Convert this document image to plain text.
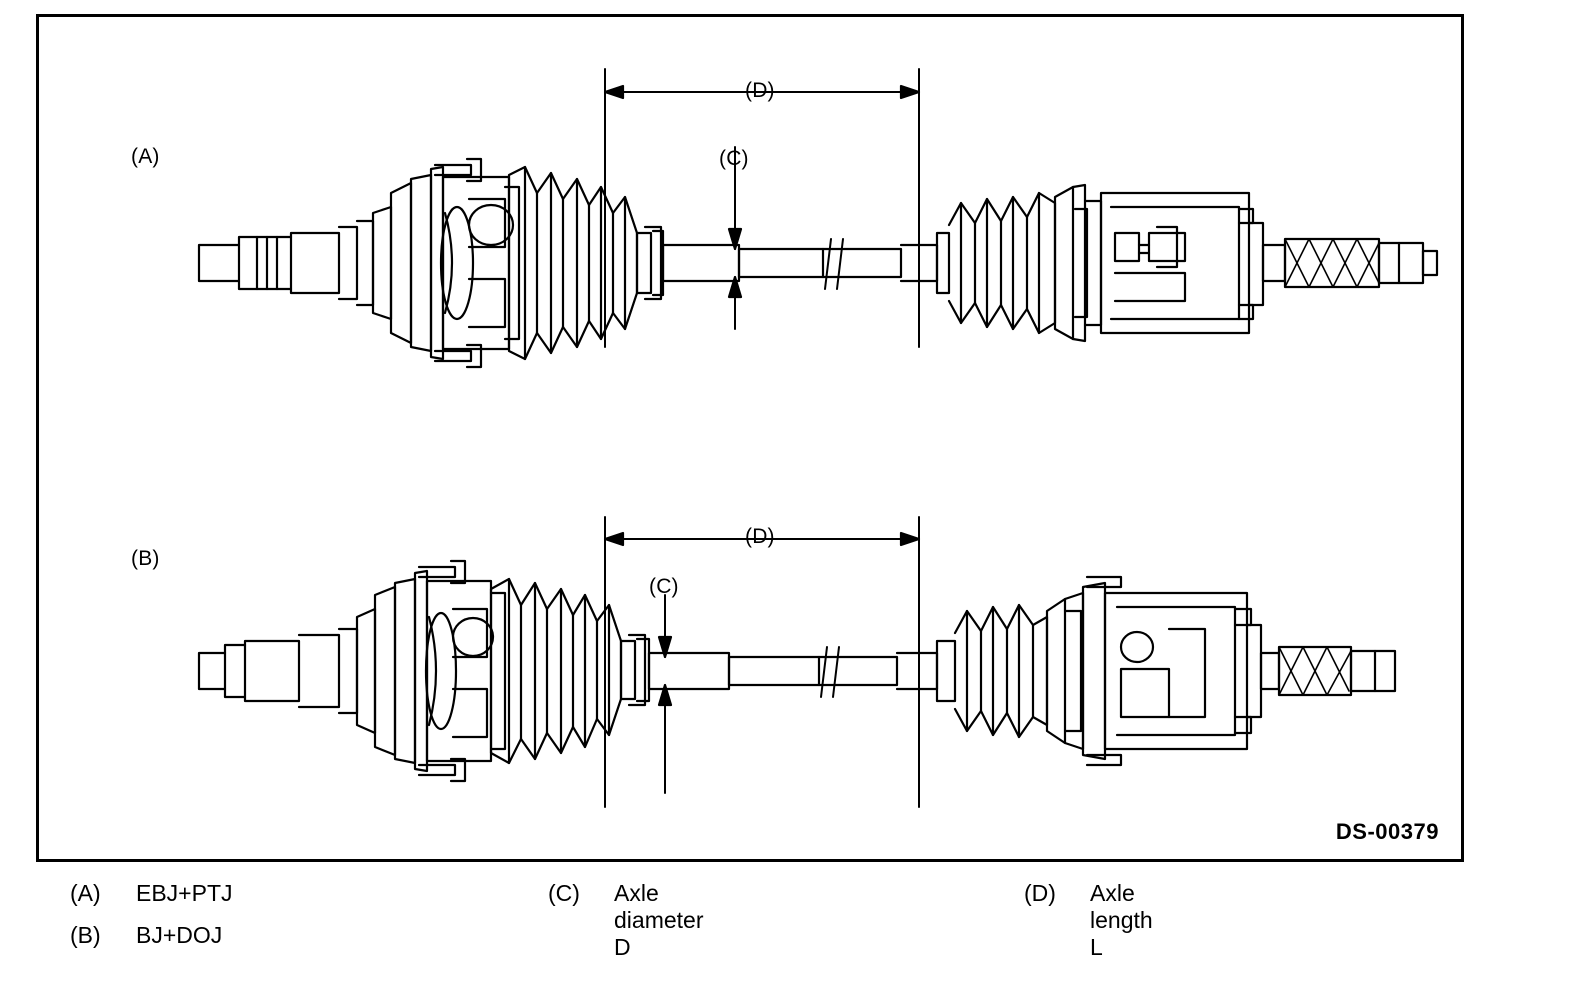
(A)
(B)
(D)
(C)
(D)
(C)
DS-00379
(A) EBJ+PTJ
(B) BJ+DOJ
(C) Axle diameter D
(D) Axle length L
